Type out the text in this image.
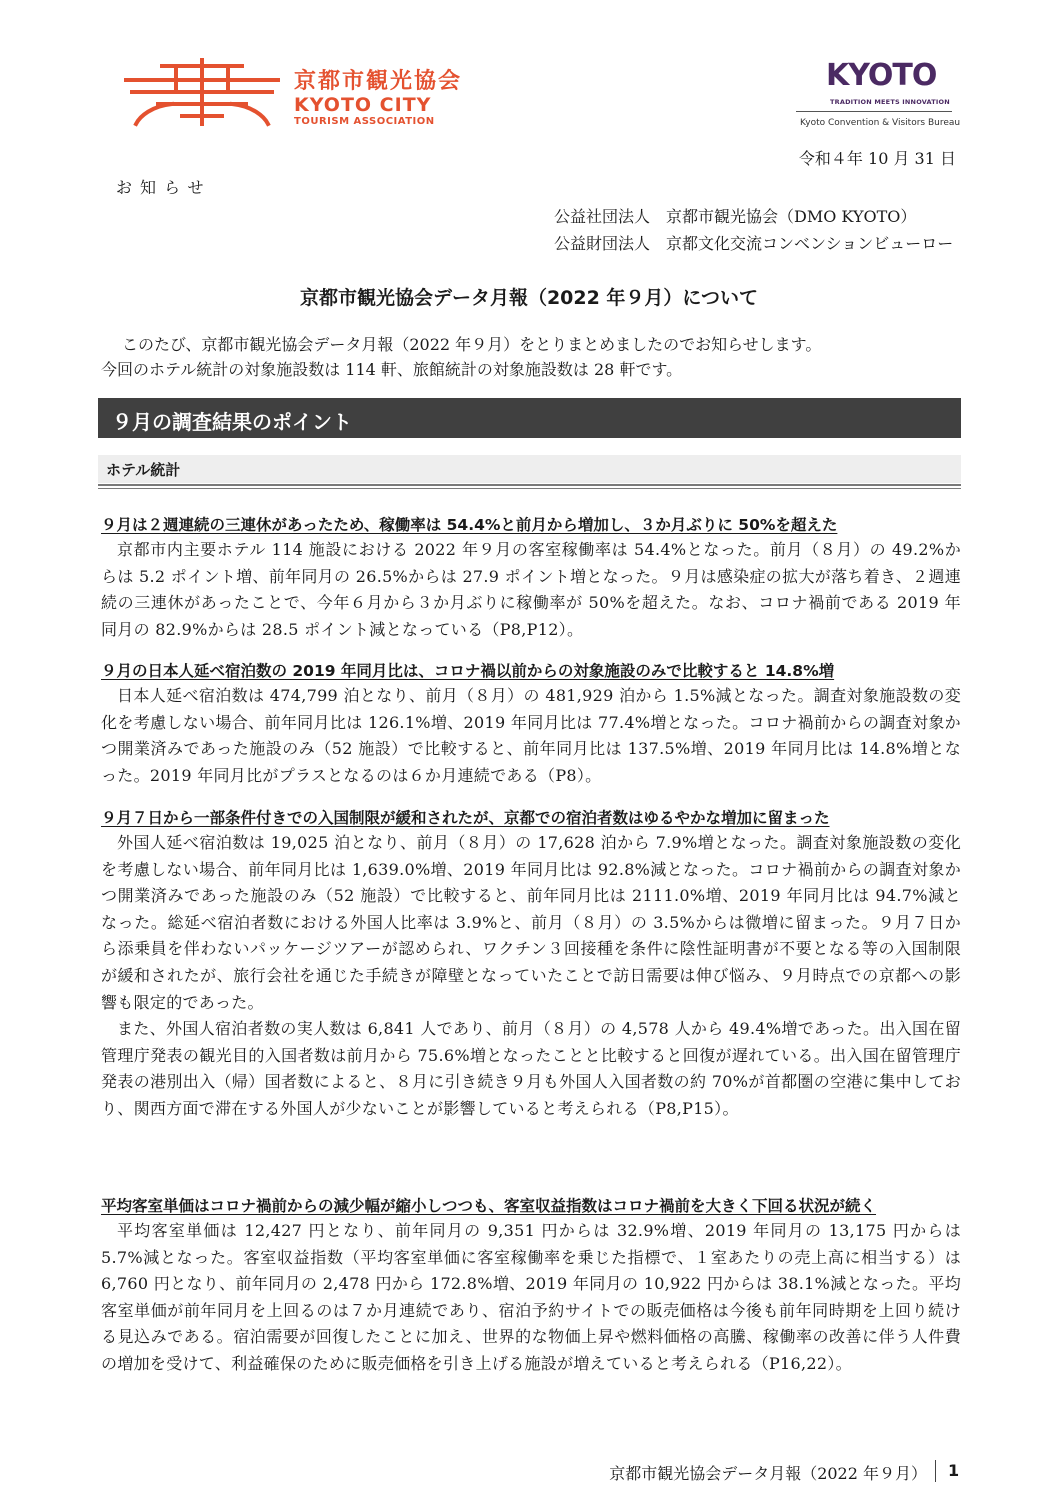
京都市観光協会
KYOTO CITY
TOURISM ASSOCIATION
KYOTO
TRADITION MEETS INNOVATION
Kyoto Convention & Visitors Bureau
令和４年 10 月 31 日
お知らせ
公益社団法人　京都市観光協会（DMO KYOTO）
公益財団法人　京都文化交流コンベンションビューロー
京都市観光協会データ月報（2022 年９月）について
このたび、京都市観光協会データ月報（2022 年９月）をとりまとめましたのでお知らせします。
今回のホテル統計の対象施設数は 114 軒、旅館統計の対象施設数は 28 軒です。
９月の調査結果のポイント
ホテル統計
９月は２週連続の三連休があったため、稼働率は 54.4%と前月から増加し、３か月ぶりに 50%を超えた

京都市内主要ホテル 114 施設における 2022 年９月の客室稼働率は 54.4%となった。前月（８月）の 49.2%からは 5.2 ポイント増、前年同月の 26.5%からは 27.9 ポイント増となった。９月は感染症の拡大が落ち着き、２週連続の三連休があったことで、今年６月から３か月ぶりに稼働率が 50%を超えた。なお、コロナ禍前である 2019 年同月の 82.9%からは 28.5 ポイント減となっている（P8,P12）。

９月の日本人延べ宿泊数の 2019 年同月比は、コロナ禍以前からの対象施設のみで比較すると 14.8%増

日本人延べ宿泊数は 474,799 泊となり、前月（８月）の 481,929 泊から 1.5%減となった。調査対象施設数の変化を考慮しない場合、前年同月比は 126.1%増、2019 年同月比は 77.4%増となった。コロナ禍前からの調査対象かつ開業済みであった施設のみ（52 施設）で比較すると、前年同月比は 137.5%増、2019 年同月比は 14.8%増となった。2019 年同月比がプラスとなるのは６か月連続である（P8）。

９月７日から一部条件付きでの入国制限が緩和されたが、京都での宿泊者数はゆるやかな増加に留まった

外国人延べ宿泊数は 19,025 泊となり、前月（８月）の 17,628 泊から 7.9%増となった。調査対象施設数の変化を考慮しない場合、前年同月比は 1,639.0%増、2019 年同月比は 92.8%減となった。コロナ禍前からの調査対象かつ開業済みであった施設のみ（52 施設）で比較すると、前年同月比は 2111.0%増、2019 年同月比は 94.7%減となった。総延べ宿泊者数における外国人比率は 3.9%と、前月（８月）の 3.5%からは微増に留まった。９月７日から添乗員を伴わないパッケージツアーが認められ、ワクチン３回接種を条件に陰性証明書が不要となる等の入国制限が緩和されたが、旅行会社を通じた手続きが障壁となっていたことで訪日需要は伸び悩み、９月時点での京都への影響も限定的であった。

また、外国人宿泊者数の実人数は 6,841 人であり、前月（８月）の 4,578 人から 49.4%増であった。出入国在留管理庁発表の観光目的入国者数は前月から 75.6%増となったことと比較すると回復が遅れている。出入国在留管理庁発表の港別出入（帰）国者数によると、８月に引き続き９月も外国人入国者数の約 70%が首都圏の空港に集中しており、関西方面で滞在する外国人が少ないことが影響していると考えられる（P8,P15）。

平均客室単価はコロナ禍前からの減少幅が縮小しつつも、客室収益指数はコロナ禍前を大きく下回る状況が続く

平均客室単価は 12,427 円となり、前年同月の 9,351 円からは 32.9%増、2019 年同月の 13,175 円からは 5.7%減となった。客室収益指数（平均客室単価に客室稼働率を乗じた指標で、１室あたりの売上高に相当する）は 6,760 円となり、前年同月の 2,478 円から 172.8%増、2019 年同月の 10,922 円からは 38.1%減となった。平均客室単価が前年同月を上回るのは７か月連続であり、宿泊予約サイトでの販売価格は今後も前年同時期を上回り続ける見込みである。宿泊需要が回復したことに加え、世界的な物価上昇や燃料価格の高騰、稼働率の改善に伴う人件費の増加を受けて、利益確保のために販売価格を引き上げる施設が増えていると考えられる（P16,22）。

京都市観光協会データ月報（2022 年９月） 1
